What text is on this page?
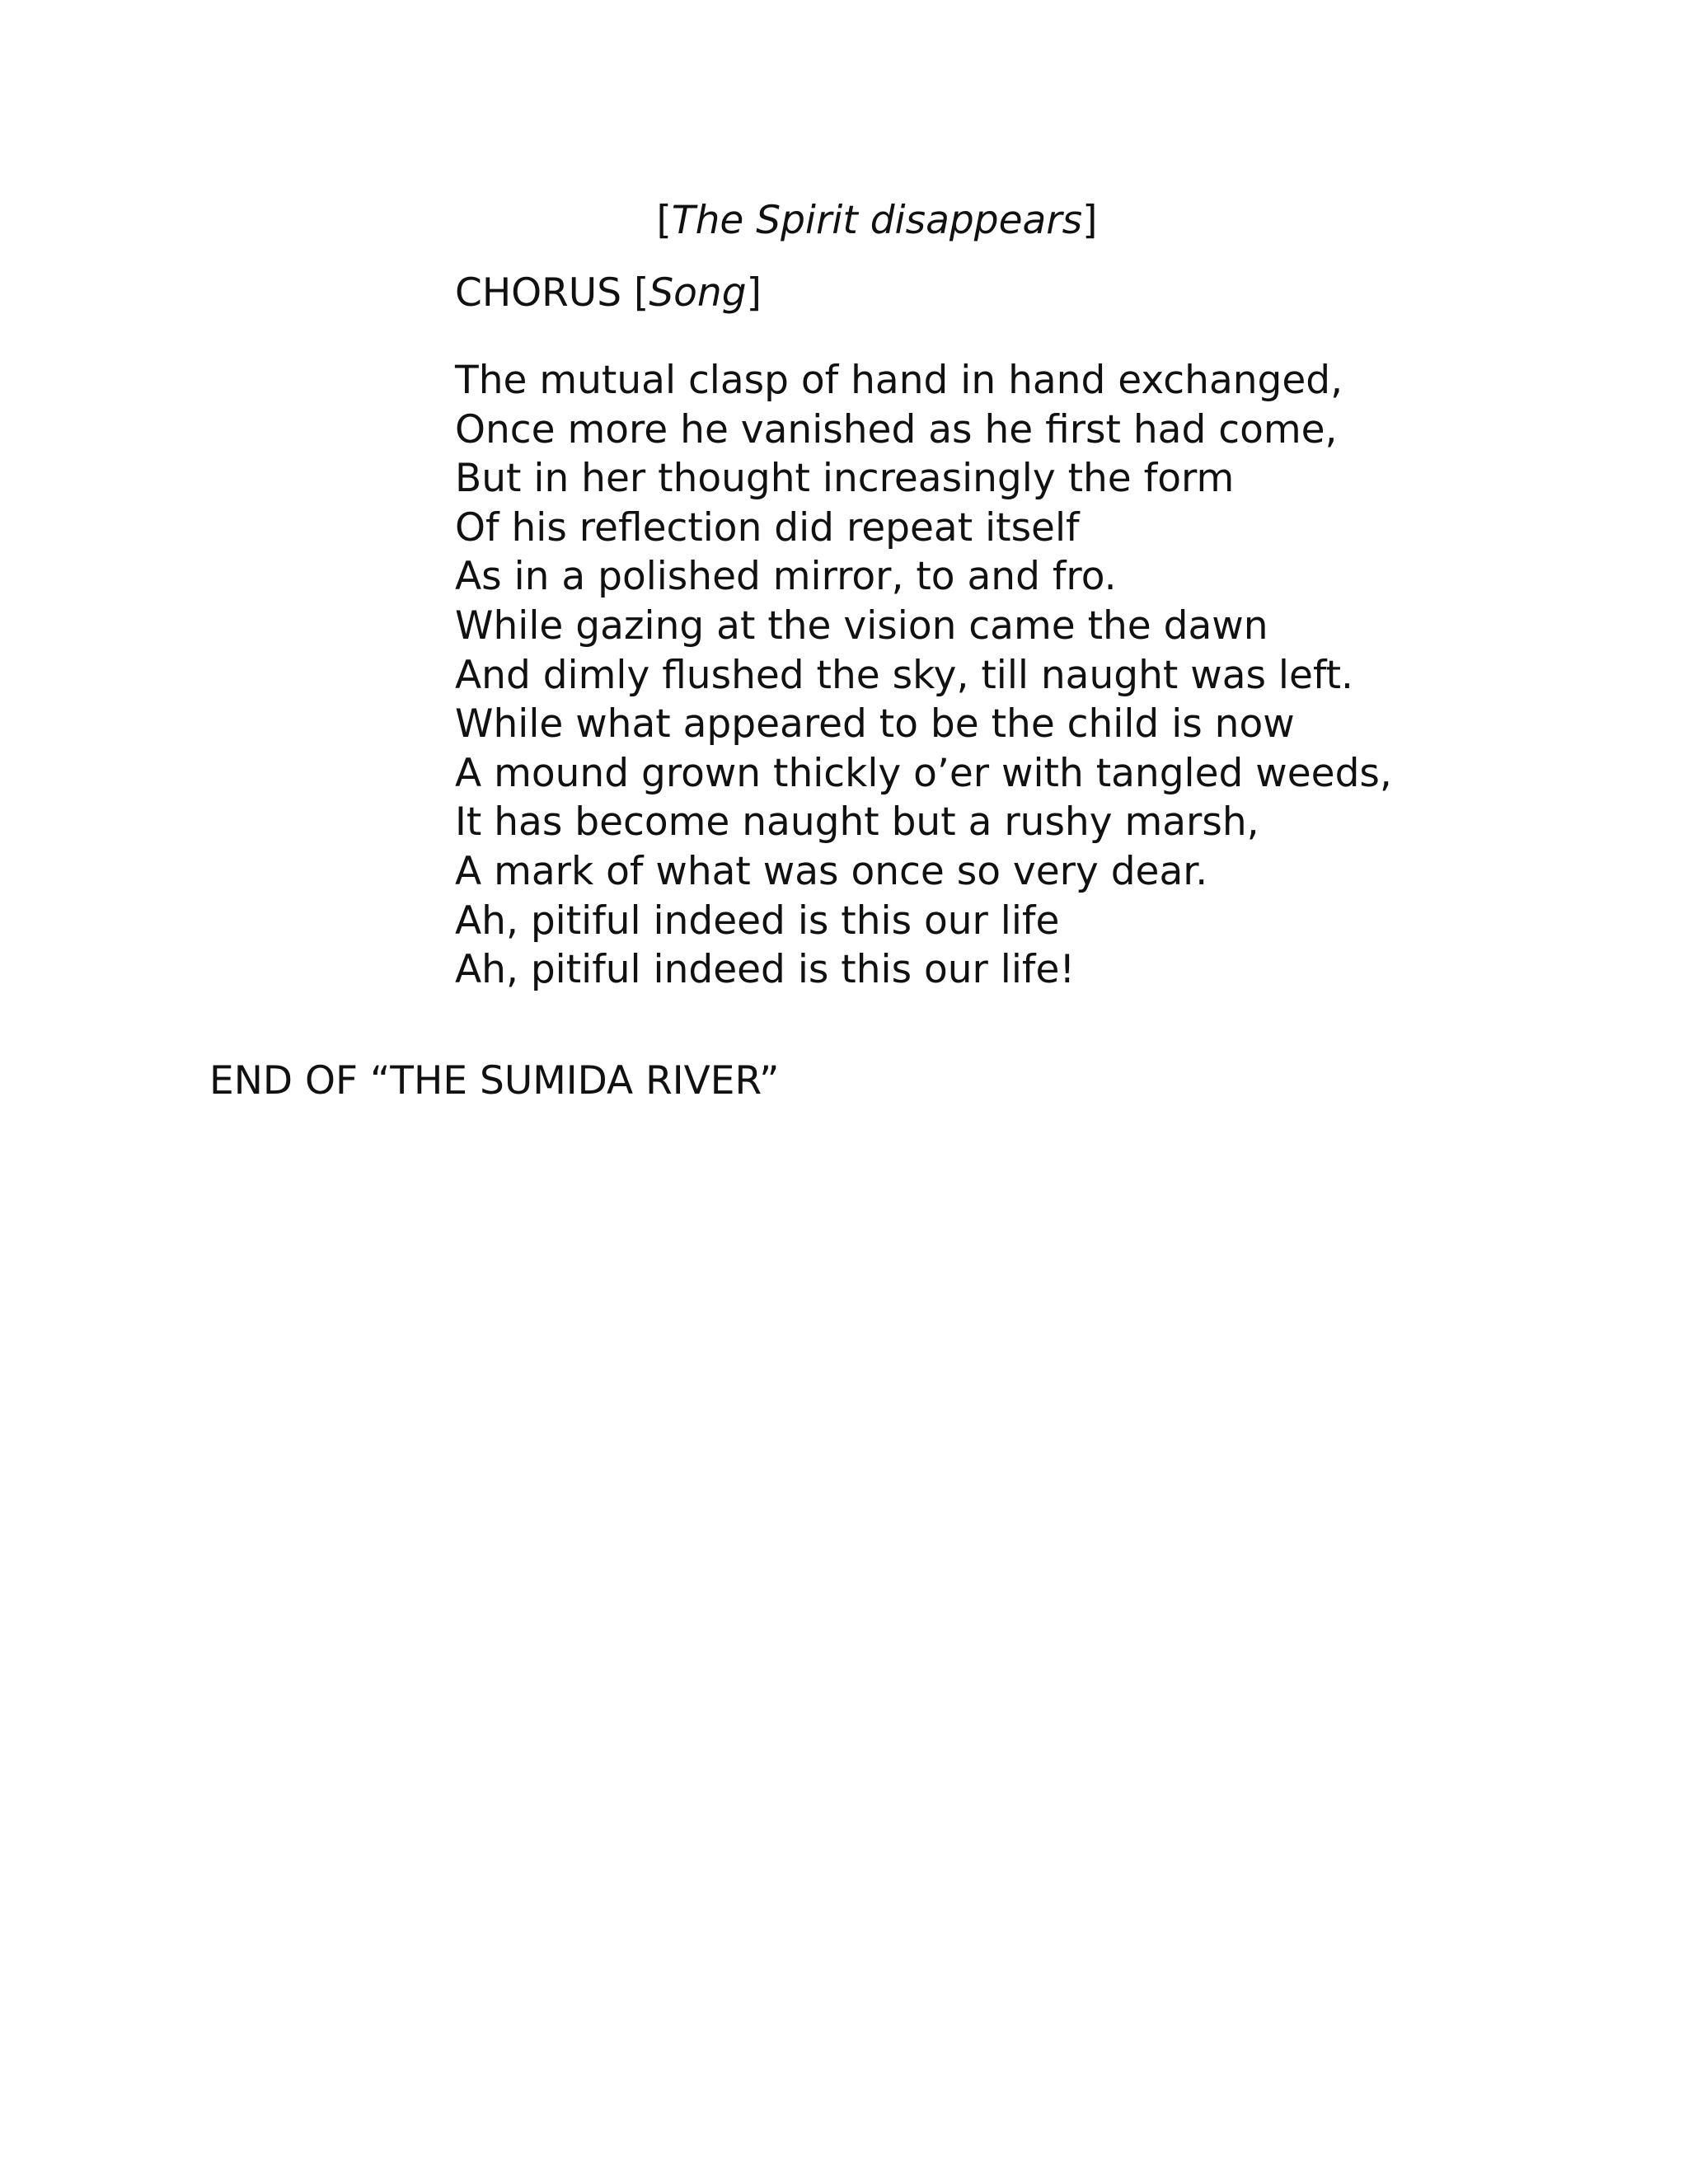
[The Spirit disappears]
CHORUS [Song]
The mutual clasp of hand in hand exchanged,
Once more he vanished as he first had come,
But in her thought increasingly the form
Of his reflection did repeat itself
As in a polished mirror, to and fro.
While gazing at the vision came the dawn
And dimly flushed the sky, till naught was left.
While what appeared to be the child is now
A mound grown thickly o’er with tangled weeds,
It has become naught but a rushy marsh,
A mark of what was once so very dear.
Ah, pitiful indeed is this our life
Ah, pitiful indeed is this our life!
END OF “THE SUMIDA RIVER”
